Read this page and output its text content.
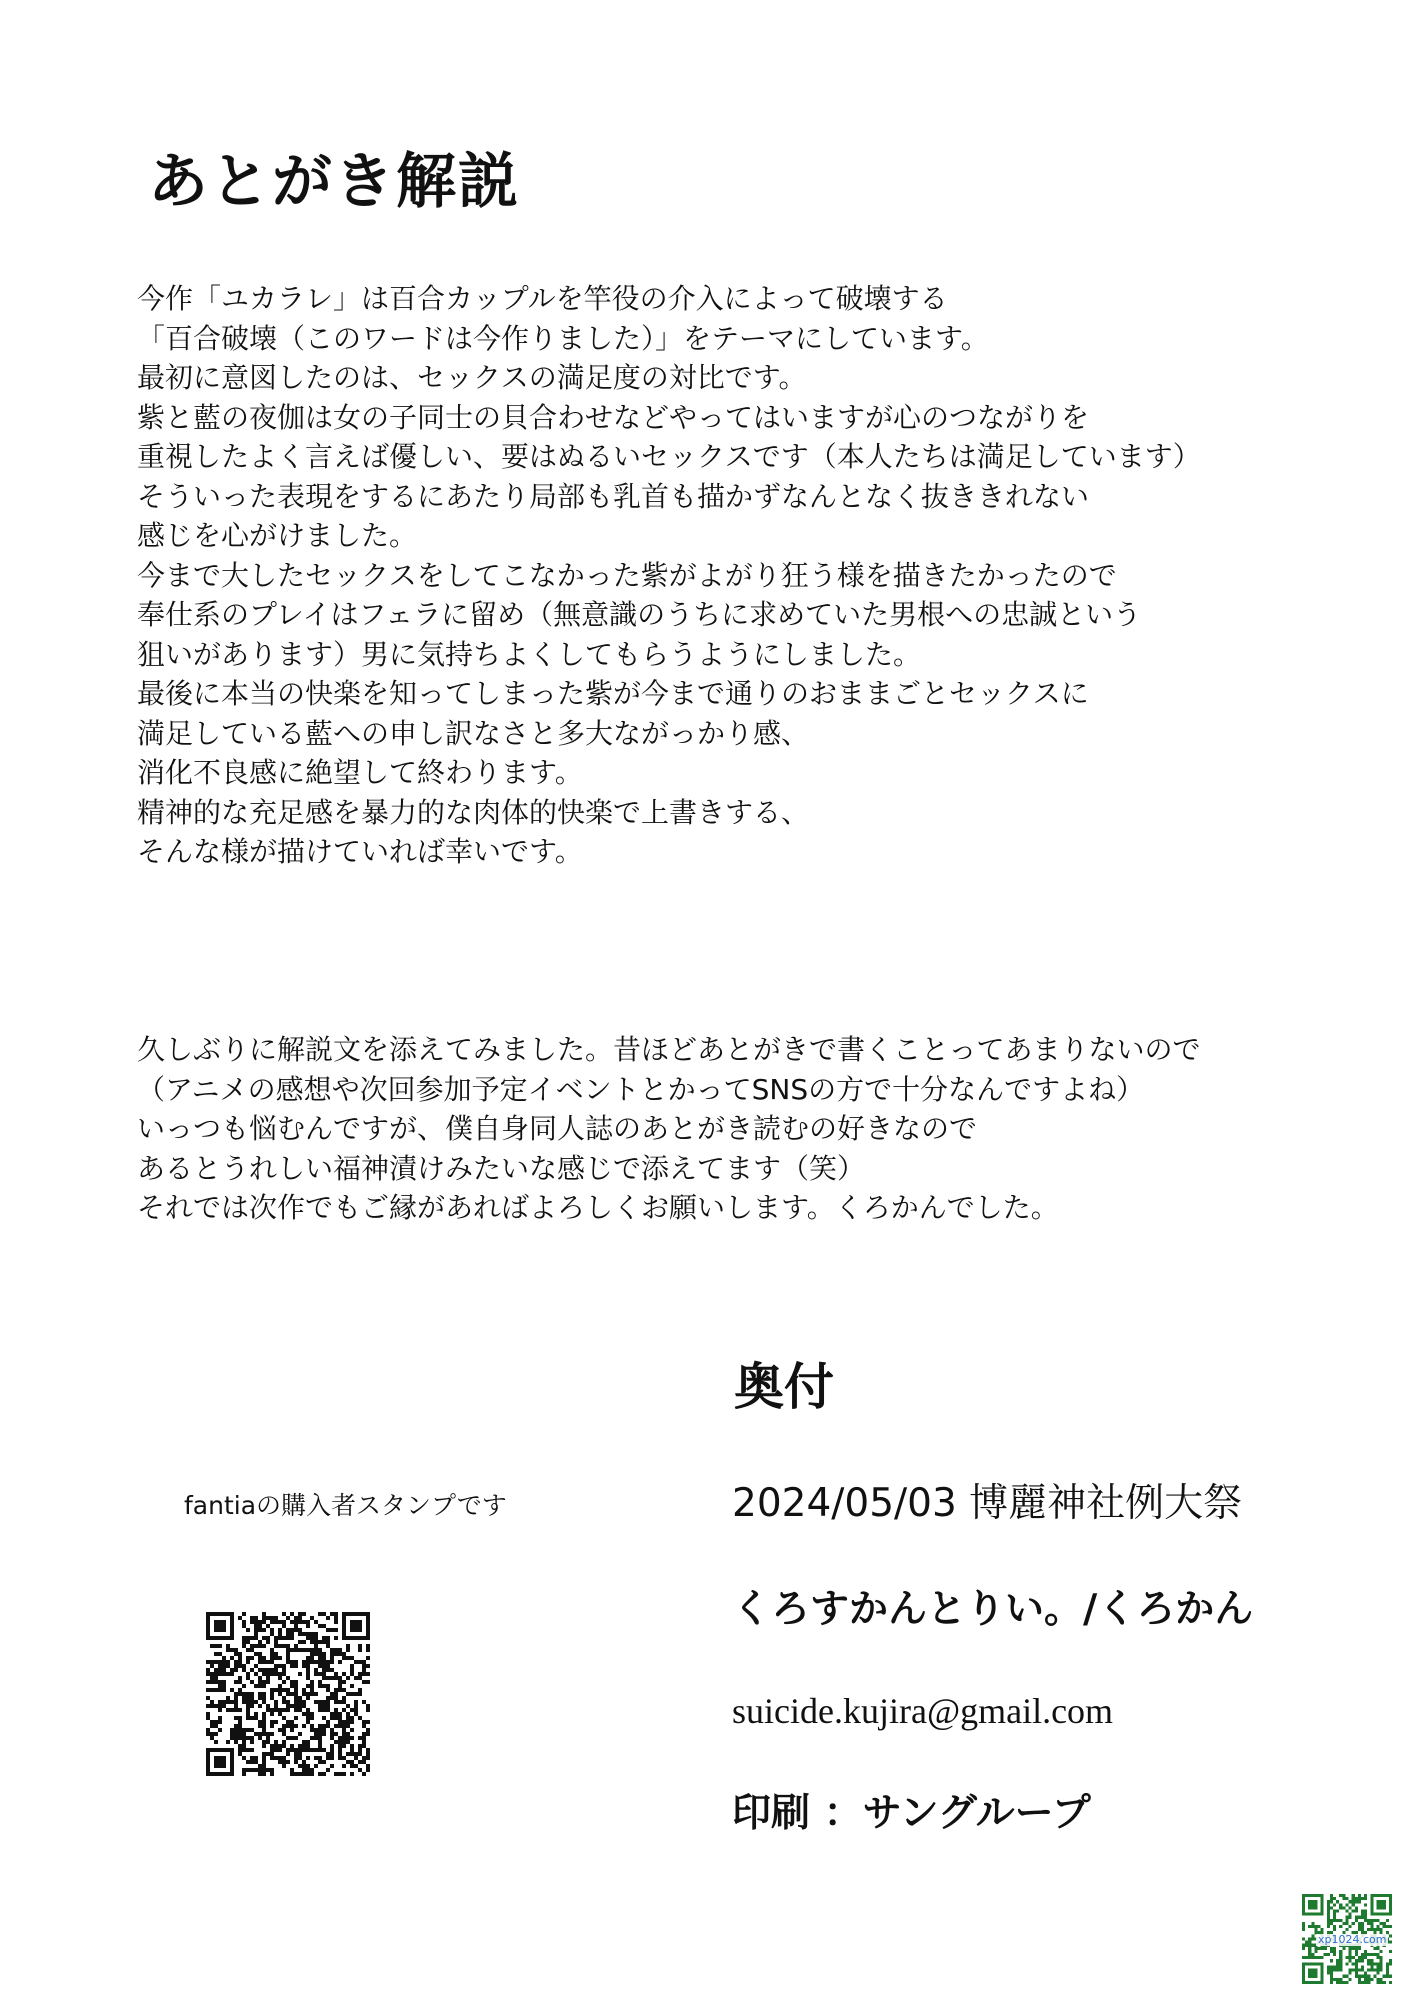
あとがき解説
今作「ユカラレ」は百合カップルを竿役の介入によって破壊する
「百合破壊（このワードは今作りました）」をテーマにしています。
最初に意図したのは、セックスの満足度の対比です。
紫と藍の夜伽は女の子同士の貝合わせなどやってはいますが心のつながりを
重視したよく言えば優しい、要はぬるいセックスです（本人たちは満足しています）
そういった表現をするにあたり局部も乳首も描かずなんとなく抜ききれない
感じを心がけました。
今まで大したセックスをしてこなかった紫がよがり狂う様を描きたかったので
奉仕系のプレイはフェラに留め（無意識のうちに求めていた男根への忠誠という
狙いがあります）男に気持ちよくしてもらうようにしました。
最後に本当の快楽を知ってしまった紫が今まで通りのおままごとセックスに
満足している藍への申し訳なさと多大ながっかり感、
消化不良感に絶望して終わります。
精神的な充足感を暴力的な肉体的快楽で上書きする、
そんな様が描けていれば幸いです。
久しぶりに解説文を添えてみました。昔ほどあとがきで書くことってあまりないので
（アニメの感想や次回参加予定イベントとかってSNSの方で十分なんですよね）
いっつも悩むんですが、僕自身同人誌のあとがき読むの好きなので
あるとうれしい福神漬けみたいな感じで添えてます（笑）
それでは次作でもご縁があればよろしくお願いします。くろかんでした。
奥付
2024/05/03 博麗神社例大祭
くろすかんとりい。/くろかん
suicide.kujira@gmail.com
印刷 ：サングループ
fantiaの購入者スタンプです
xp1024.com
